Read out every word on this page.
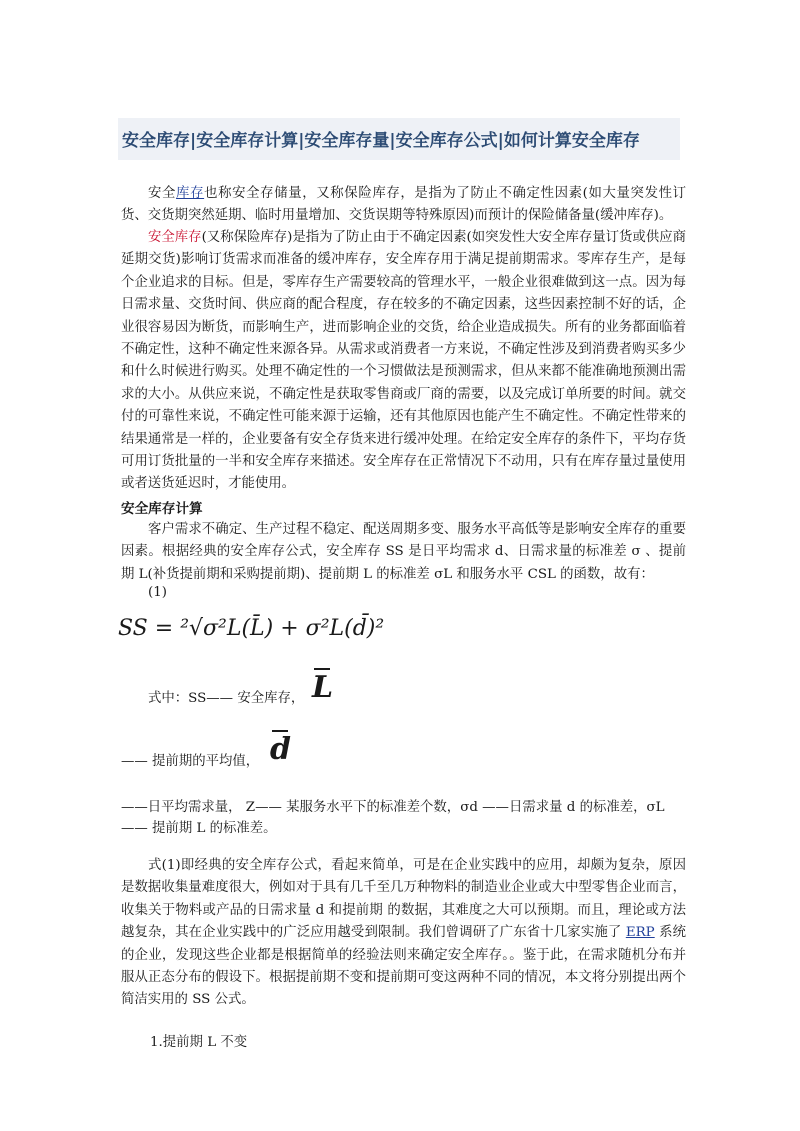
安全库存|安全库存计算|安全库存量|安全库存公式|如何计算安全库存

安全库存也称安全存储量，又称保险库存，是指为了防止不确定性因素(如大量突发性订货、交货期突然延期、临时用量增加、交货误期等特殊原因)而预计的保险储备量(缓冲库存)。

安全库存(又称保险库存)是指为了防止由于不确定因素(如突发性大安全库存量订货或供应商延期交货)影响订货需求而准备的缓冲库存，安全库存用于满足提前期需求。零库存生产，是每个企业追求的目标。但是，零库存生产需要较高的管理水平，一般企业很难做到这一点。因为每日需求量、交货时间、供应商的配合程度，存在较多的不确定因素，这些因素控制不好的话，企业很容易因为断货，而影响生产，进而影响企业的交货，给企业造成损失。所有的业务都面临着不确定性，这种不确定性来源各异。从需求或消费者一方来说，不确定性涉及到消费者购买多少和什么时候进行购买。处理不确定性的一个习惯做法是预测需求，但从来都不能准确地预测出需求的大小。从供应来说，不确定性是获取零售商或厂商的需要，以及完成订单所要的时间。就交付的可靠性来说，不确定性可能来源于运输，还有其他原因也能产生不确定性。不确定性带来的结果通常是一样的，企业要备有安全存货来进行缓冲处理。在给定安全库存的条件下，平均存货可用订货批量的一半和安全库存来描述。安全库存在正常情况下不动用，只有在库存量过量使用或者送货延迟时，才能使用。

安全库存计算

客户需求不确定、生产过程不稳定、配送周期多变、服务水平高低等是影响安全库存的重要因素。根据经典的安全库存公式，安全库存 SS 是日平均需求 d、日需求量的标准差 σ 、提前期 L(补货提前期和采购提前期)、提前期 L 的标准差 σL 和服务水平 CSL 的函数，故有：

(1)
SS = ²√σ²L(L̄) + σ²L(d̄)²
式中：SS—— 安全库存， L
—— 提前期的平均值， d
——日平均需求量， Z—— 某服务水平下的标准差个数，σd ——日需求量 d 的标准差，σL
—— 提前期 L 的标准差。

式(1)即经典的安全库存公式，看起来简单，可是在企业实践中的应用，却颇为复杂，原因是数据收集量难度很大，例如对于具有几千至几万种物料的制造业企业或大中型零售企业而言，收集关于物料或产品的日需求量 d 和提前期 的数据，其难度之大可以预期。而且，理论或方法越复杂，其在企业实践中的广泛应用越受到限制。我们曾调研了广东省十几家实施了 ERP 系统的企业，发现这些企业都是根据简单的经验法则来确定安全库存。。鉴于此，在需求随机分布并服从正态分布的假设下。根据提前期不变和提前期可变这两种不同的情况，本文将分别提出两个简洁实用的 SS 公式。

1.提前期 L 不变
